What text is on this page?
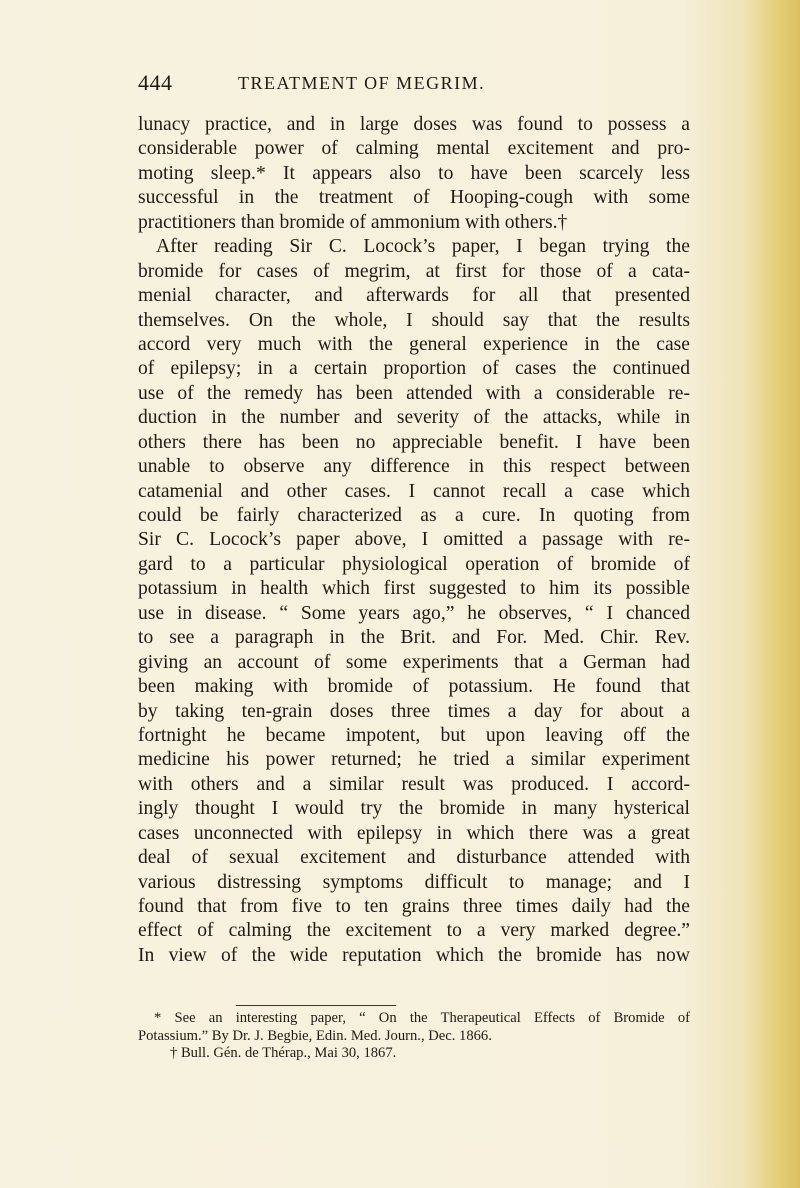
444	TREATMENT OF MEGRIM.
lunacy practice, and in large doses was found to possess a
considerable power of calming mental excitement and pro-
moting sleep.* It appears also to have been scarcely less
successful in the treatment of Hooping-cough with some
practitioners than bromide of ammonium with others.†
After reading Sir C. Locock’s paper, I began trying the
bromide for cases of megrim, at first for those of a cata-
menial character, and afterwards for all that presented
themselves. On the whole, I should say that the results
accord very much with the general experience in the case
of epilepsy; in a certain proportion of cases the continued
use of the remedy has been attended with a considerable re-
duction in the number and severity of the attacks, while in
others there has been no appreciable benefit. I have been
unable to observe any difference in this respect between
catamenial and other cases. I cannot recall a case which
could be fairly characterized as a cure. In quoting from
Sir C. Locock’s paper above, I omitted a passage with re-
gard to a particular physiological operation of bromide of
potassium in health which first suggested to him its possible
use in disease. “ Some years ago,” he observes, “ I chanced
to see a paragraph in the Brit. and For. Med. Chir. Rev.
giving an account of some experiments that a German had
been making with bromide of potassium. He found that
by taking ten-grain doses three times a day for about a
fortnight he became impotent, but upon leaving off the
medicine his power returned; he tried a similar experiment
with others and a similar result was produced. I accord-
ingly thought I would try the bromide in many hysterical
cases unconnected with epilepsy in which there was a great
deal of sexual excitement and disturbance attended with
various distressing symptoms difficult to manage; and I
found that from five to ten grains three times daily had the
effect of calming the excitement to a very marked degree.”
In view of the wide reputation which the bromide has now
* See an interesting paper, “ On the Therapeutical Effects of Bromide of
Potassium.” By Dr. J. Begbie, Edin. Med. Journ., Dec. 1866.
† Bull. Gén. de Thérap., Mai 30, 1867.
